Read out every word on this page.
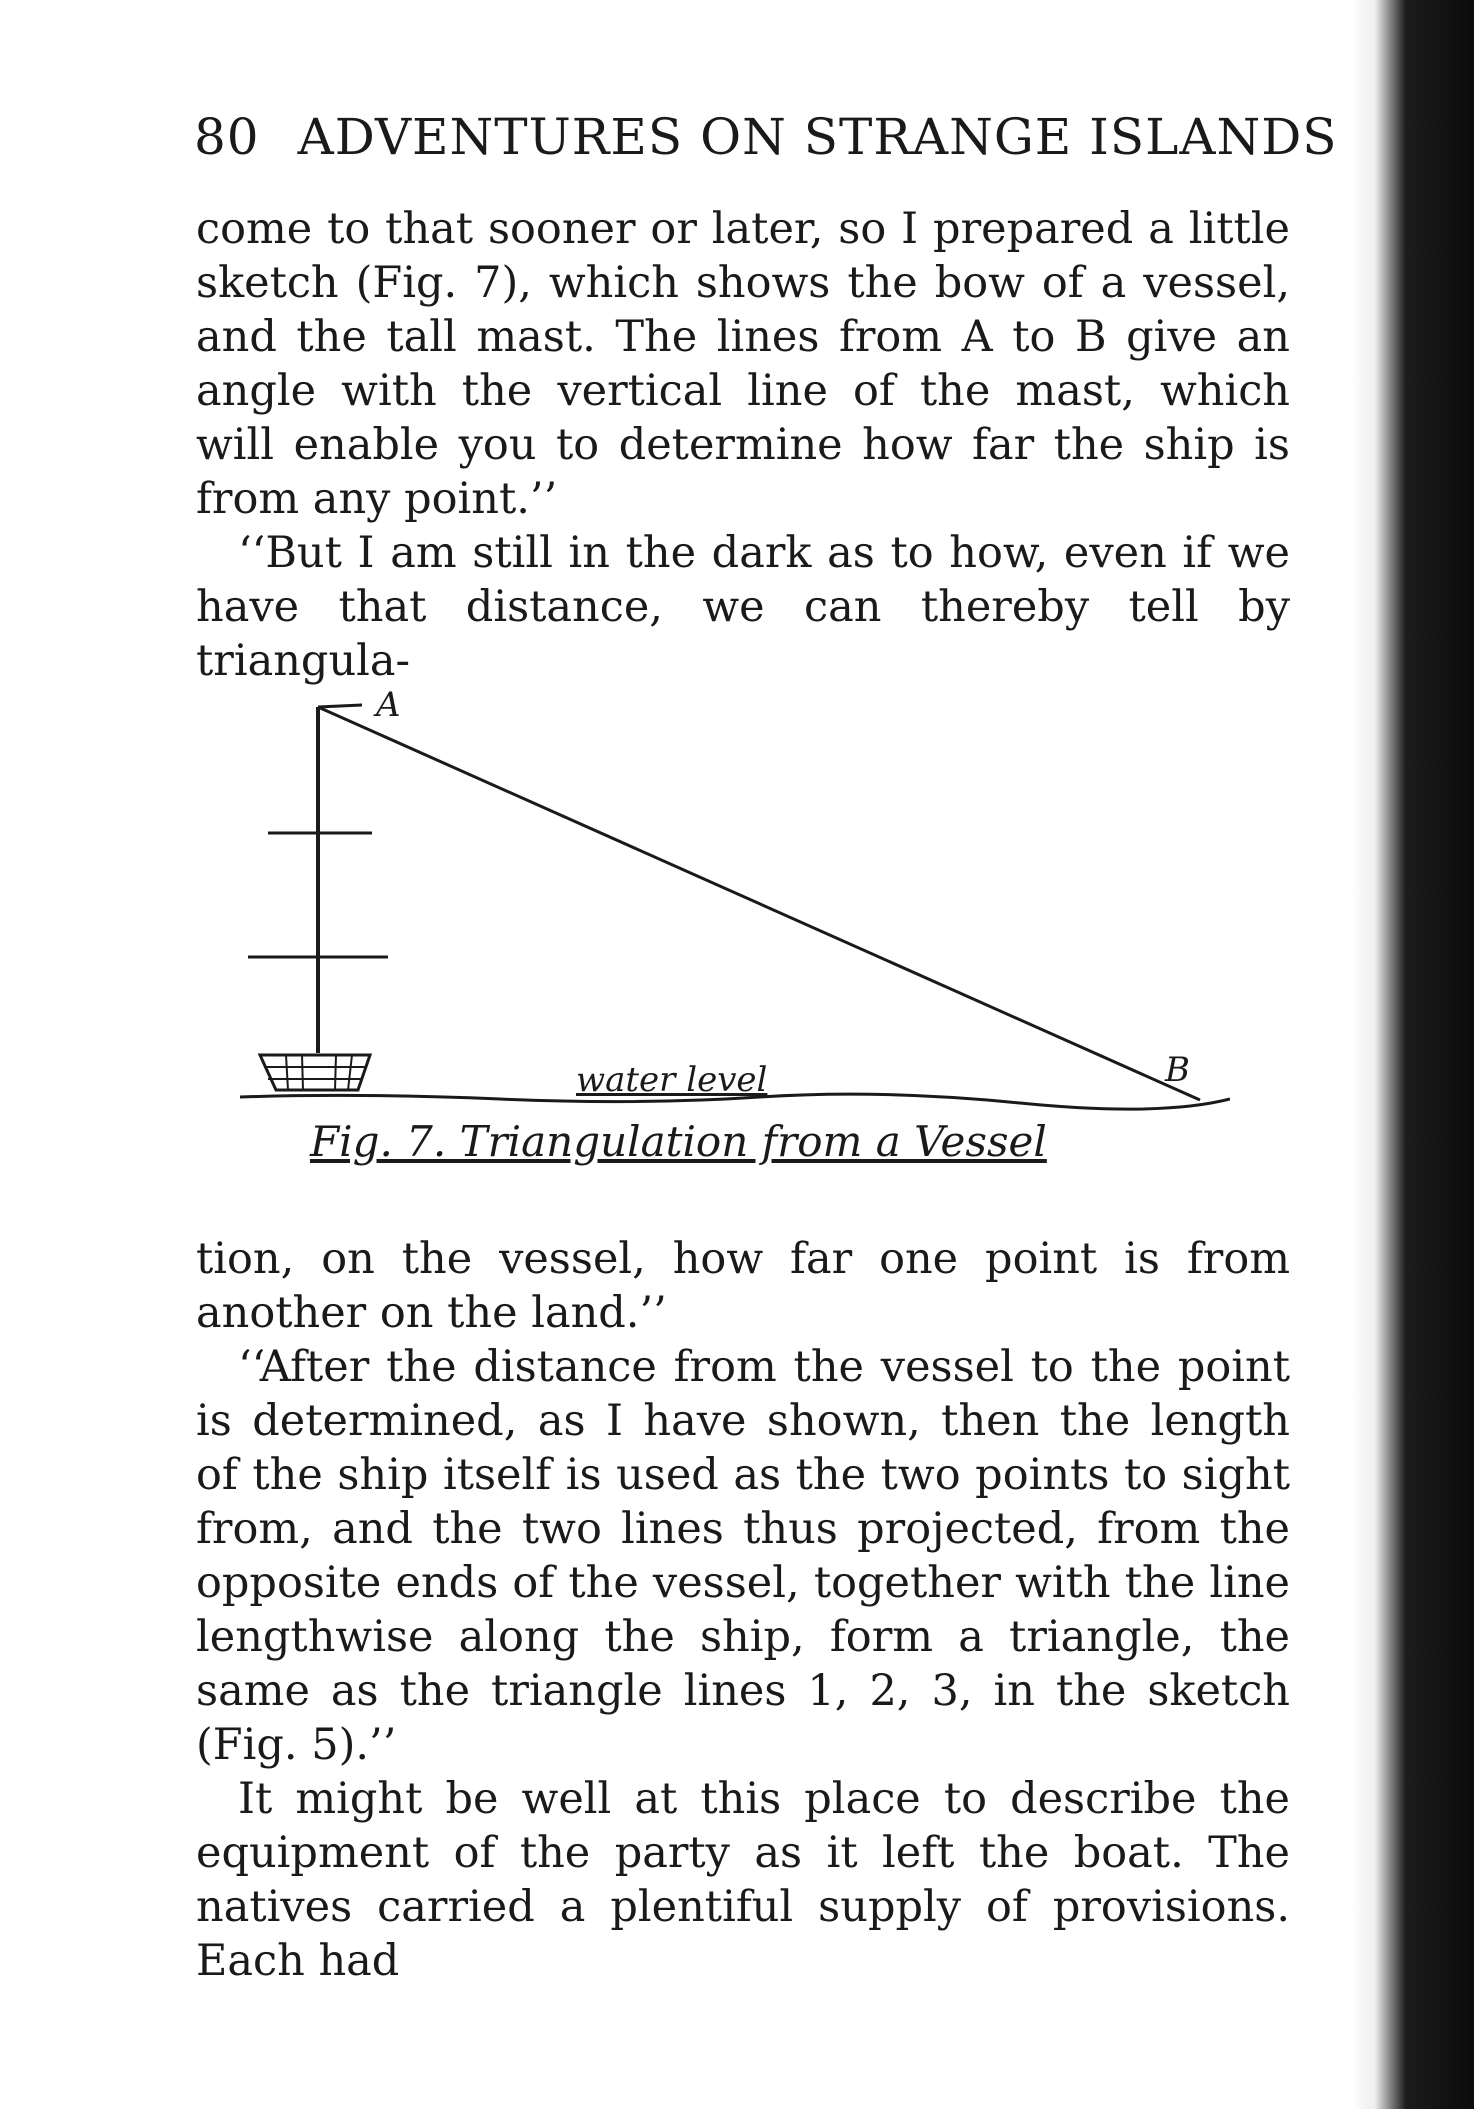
80 ADVENTURES ON STRANGE ISLANDS

come to that sooner or later, so I prepared a little sketch (Fig. 7), which shows the bow of a vessel, and the tall mast. The lines from A to B give an angle with the vertical line of the mast, which will enable you to determine how far the ship is from any point.’’

‘‘But I am still in the dark as to how, even if we have that distance, we can thereby tell by triangula-

A
B
water level
Fig. 7. Triangulation from a Vessel

tion, on the vessel, how far one point is from another on the land.’’

‘‘After the distance from the vessel to the point is determined, as I have shown, then the length of the ship itself is used as the two points to sight from, and the two lines thus projected, from the opposite ends of the vessel, together with the line lengthwise along the ship, form a triangle, the same as the triangle lines 1, 2, 3, in the sketch (Fig. 5).’’

It might be well at this place to describe the equipment of the party as it left the boat. The natives carried a plentiful supply of provisions. Each had
